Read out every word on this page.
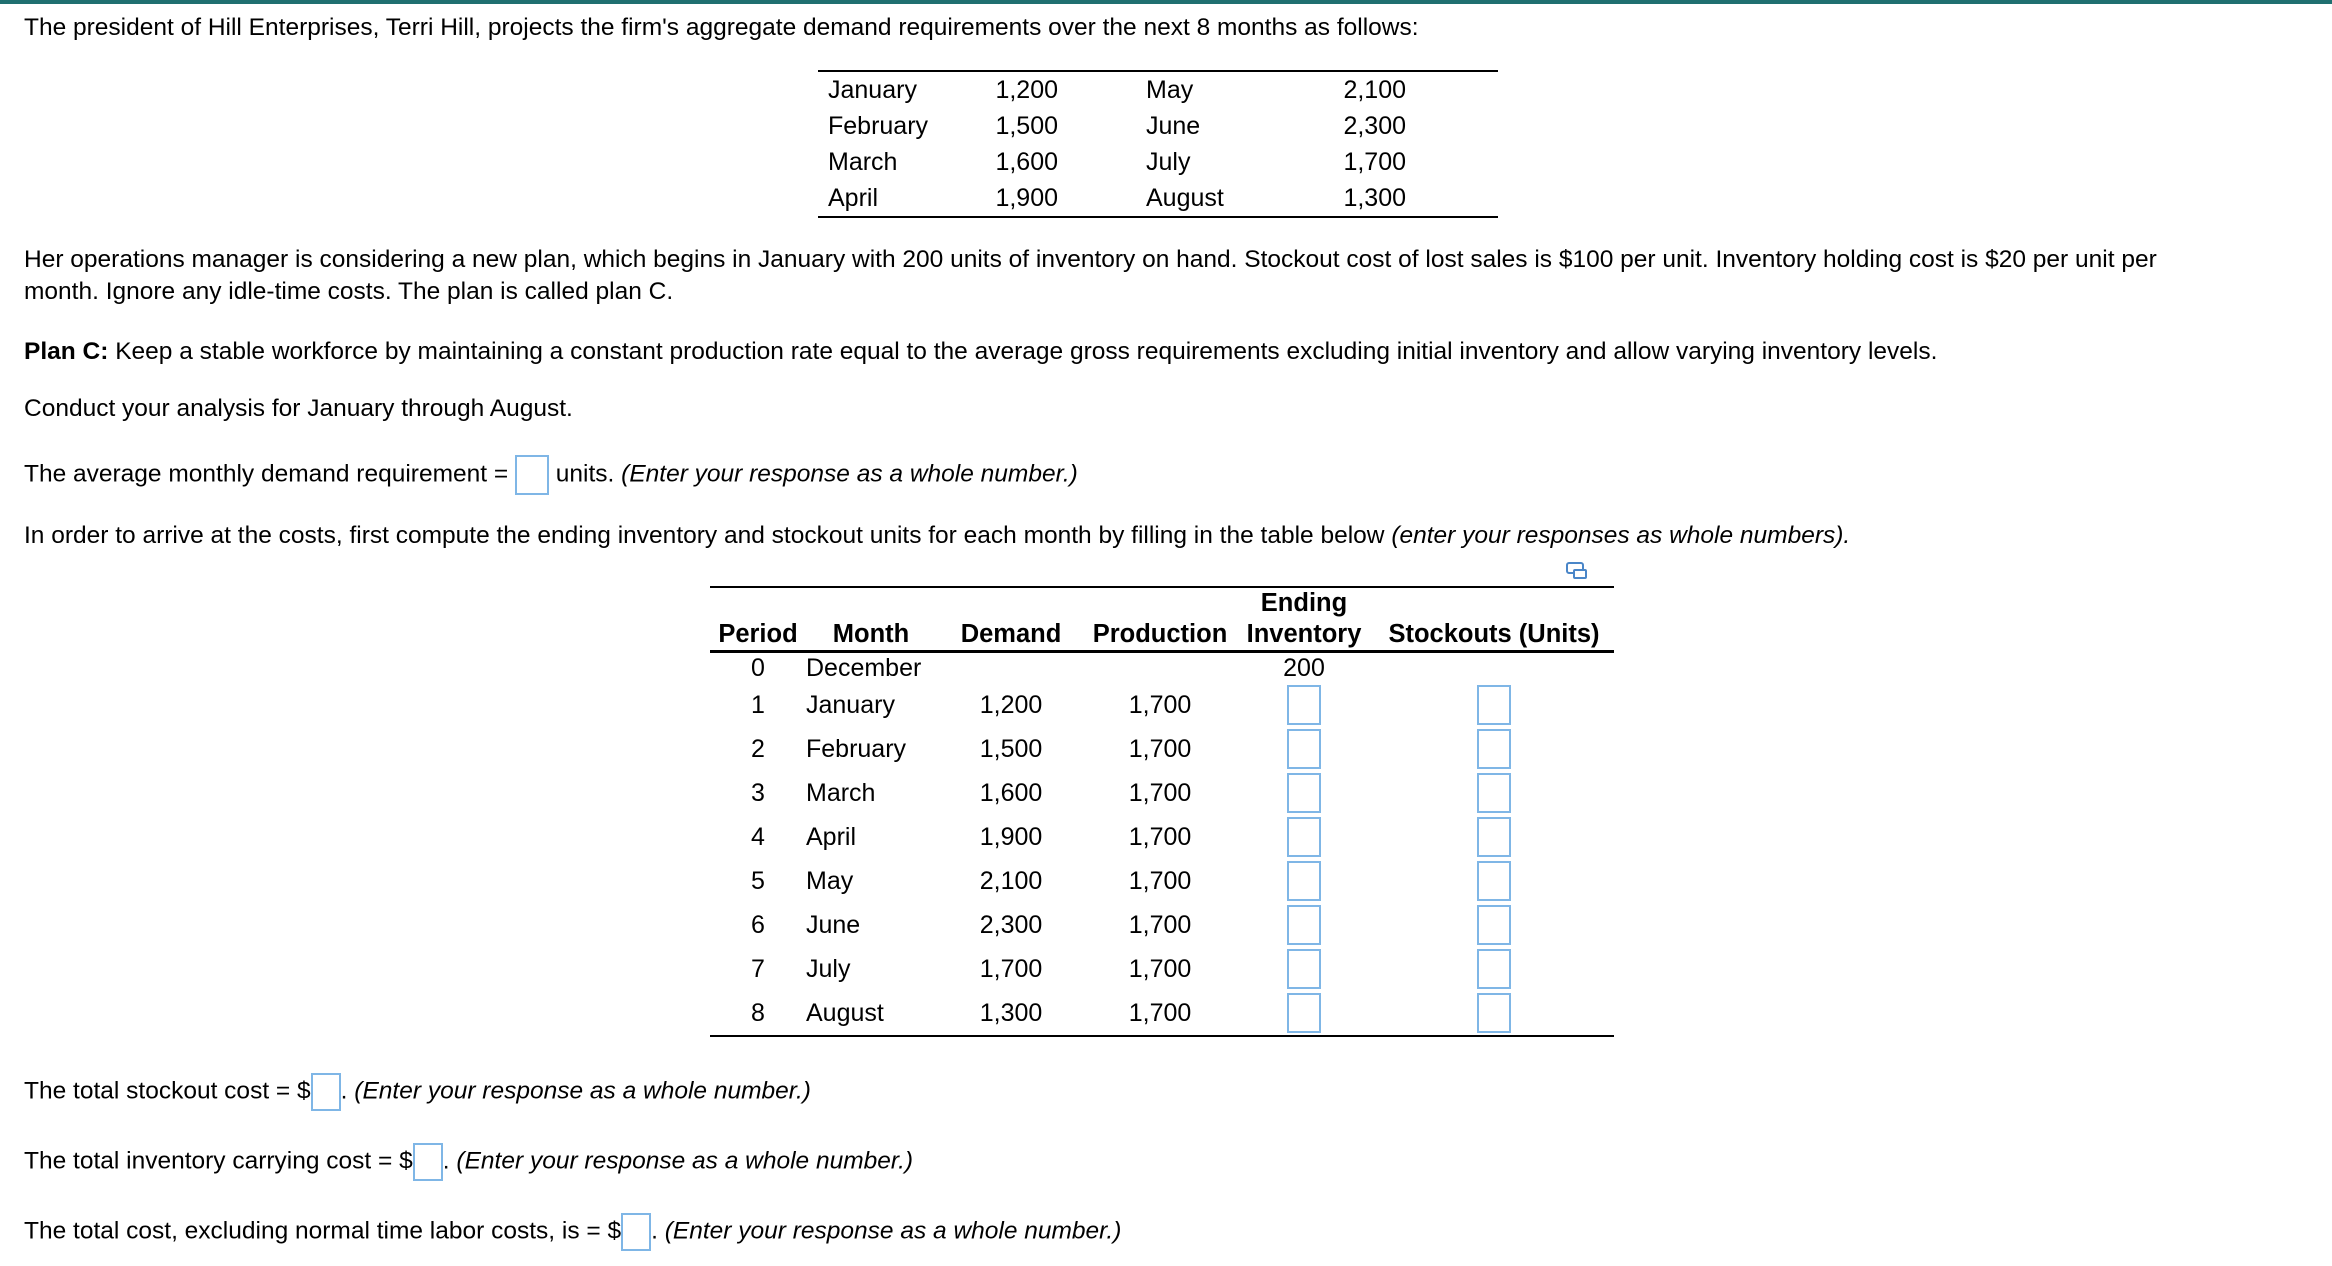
The president of Hill Enterprises, Terri Hill, projects the firm's aggregate demand requirements over the next 8 months as follows:
January	1,200	May	2,100
February	1,500	June	2,300
March	1,600	July	1,700
April	1,900	August	1,300
Her operations manager is considering a new plan, which begins in January with 200 units of inventory on hand. Stockout cost of lost sales is $100 per unit. Inventory holding cost is $20 per unit per
month. Ignore any idle-time costs. The plan is called plan C.
Plan C: Keep a stable workforce by maintaining a constant production rate equal to the average gross requirements excluding initial inventory and allow varying inventory levels.
Conduct your analysis for January through August.
The average monthly demand requirement = units. (Enter your response as a whole number.)
In order to arrive at the costs, first compute the ending inventory and stockout units for each month by filling in the table below (enter your responses as whole numbers).
Period	Month	Demand	Production	Ending	Stockouts (Units)
				Inventory	

0	December			200	
1	January	1,200	1,700		
2	February	1,500	1,700		
3	March	1,600	1,700		
4	April	1,900	1,700		
5	May	2,100	1,700		
6	June	2,300	1,700		
7	July	1,700	1,700		
8	August	1,300	1,700		
The total stockout cost = $ . (Enter your response as a whole number.)
The total inventory carrying cost = $ . (Enter your response as a whole number.)
The total cost, excluding normal time labor costs, is = $ . (Enter your response as a whole number.)
